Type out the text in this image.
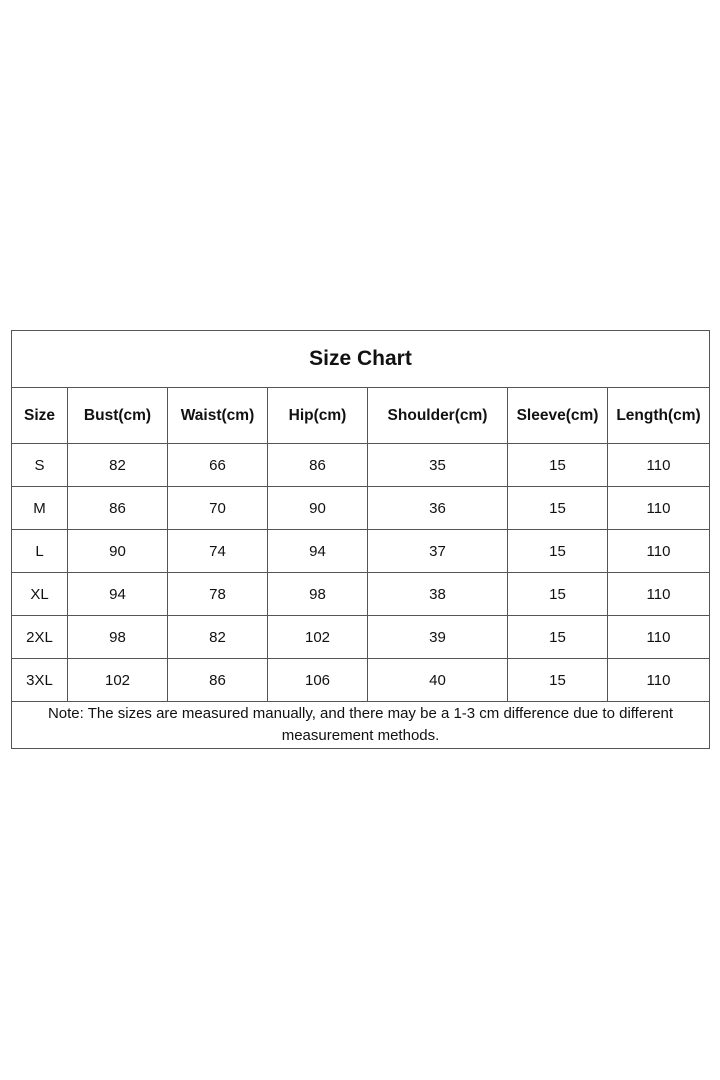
Size Chart						
Size	Bust(cm)	Waist(cm)	Hip(cm)	Shoulder(cm)	Sleeve(cm)	Length(cm)
S	82	66	86	35	15	110
M	86	70	90	36	15	110
L	90	74	94	37	15	110
XL	94	78	98	38	15	110
2XL	98	82	102	39	15	110
3XL	102	86	106	40	15	110
Note: The sizes are measured manually, and there may be a 1-3 cm difference due to different measurement methods.						
